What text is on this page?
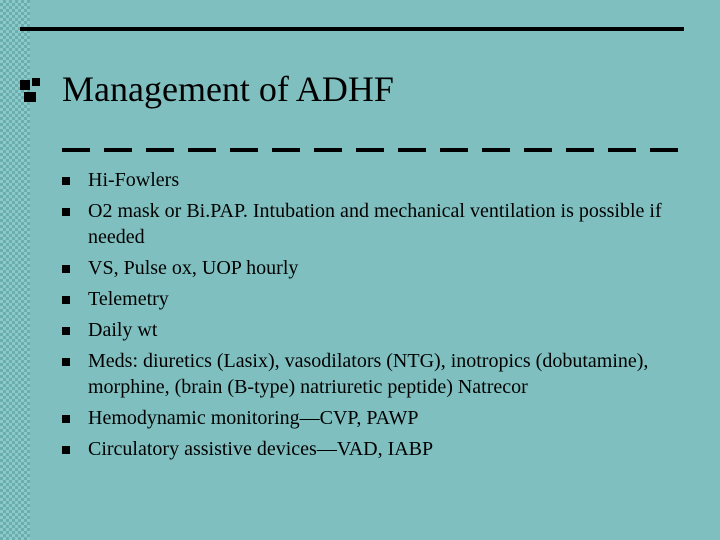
Management of ADHF
Hi-Fowlers
O2 mask or Bi.PAP. Intubation and mechanical ventilation is possible if needed
VS, Pulse ox, UOP hourly
Telemetry
Daily wt
Meds: diuretics (Lasix), vasodilators (NTG), inotropics (dobutamine), morphine, (brain (B-type) natriuretic peptide) Natrecor
Hemodynamic monitoring—CVP, PAWP
Circulatory assistive devices—VAD, IABP
